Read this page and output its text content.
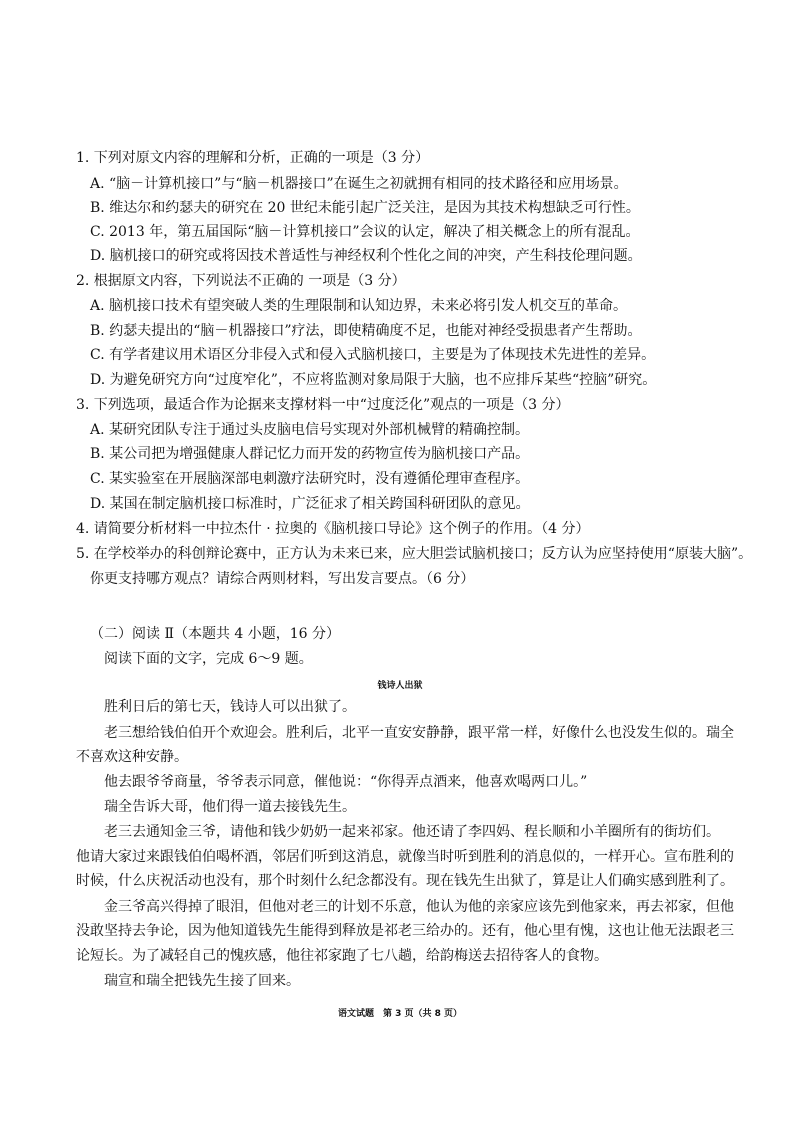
1. 下列对原文内容的理解和分析，正确的一项是（3 分）
A. “脑－计算机接口”与“脑－机器接口”在诞生之初就拥有相同的技术路径和应用场景。
B. 维达尔和约瑟夫的研究在 20 世纪未能引起广泛关注，是因为其技术构想缺乏可行性。
C. 2013 年，第五届国际“脑－计算机接口”会议的认定，解决了相关概念上的所有混乱。
D. 脑机接口的研究或将因技术普适性与神经权利个性化之间的冲突，产生科技伦理问题。
2. 根据原文内容，下列说法不正确的 一项是（3 分）
A. 脑机接口技术有望突破人类的生理限制和认知边界，未来必将引发人机交互的革命。
B. 约瑟夫提出的“脑－机器接口”疗法，即使精确度不足，也能对神经受损患者产生帮助。
C. 有学者建议用术语区分非侵入式和侵入式脑机接口，主要是为了体现技术先进性的差异。
D. 为避免研究方向“过度窄化”，不应将监测对象局限于大脑，也不应排斥某些“控脑”研究。
3. 下列选项，最适合作为论据来支撑材料一中“过度泛化”观点的一项是（3 分）
A. 某研究团队专注于通过头皮脑电信号实现对外部机械臂的精确控制。
B. 某公司把为增强健康人群记忆力而开发的药物宣传为脑机接口产品。
C. 某实验室在开展脑深部电刺激疗法研究时，没有遵循伦理审查程序。
D. 某国在制定脑机接口标准时，广泛征求了相关跨国科研团队的意见。
4. 请简要分析材料一中拉杰什 · 拉奥的《脑机接口导论》这个例子的作用。（4 分）
5. 在学校举办的科创辩论赛中，正方认为未来已来，应大胆尝试脑机接口；反方认为应坚持使用“原装大脑”。
你更支持哪方观点？请综合两则材料，写出发言要点。（6 分）
（二）阅读 Ⅱ（本题共 4 小题，16 分）
阅读下面的文字，完成 6～9 题。
钱诗人出狱
胜利日后的第七天，钱诗人可以出狱了。
老三想给钱伯伯开个欢迎会。胜利后，北平一直安安静静，跟平常一样，好像什么也没发生似的。瑞全
不喜欢这种安静。
他去跟爷爷商量，爷爷表示同意，催他说：“你得弄点酒来，他喜欢喝两口儿。”
瑞全告诉大哥，他们得一道去接钱先生。
老三去通知金三爷，请他和钱少奶奶一起来祁家。他还请了李四妈、程长顺和小羊圈所有的街坊们。
他请大家过来跟钱伯伯喝杯酒，邻居们听到这消息，就像当时听到胜利的消息似的，一样开心。宣布胜利的
时候，什么庆祝活动也没有，那个时刻什么纪念都没有。现在钱先生出狱了，算是让人们确实感到胜利了。
金三爷高兴得掉了眼泪，但他对老三的计划不乐意，他认为他的亲家应该先到他家来，再去祁家，但他
没敢坚持去争论，因为他知道钱先生能得到释放是祁老三给办的。还有，他心里有愧，这也让他无法跟老三
论短长。为了减轻自己的愧疚感，他往祁家跑了七八趟，给韵梅送去招待客人的食物。
瑞宣和瑞全把钱先生接了回来。
语文试题　第 3 页（共 8 页）
